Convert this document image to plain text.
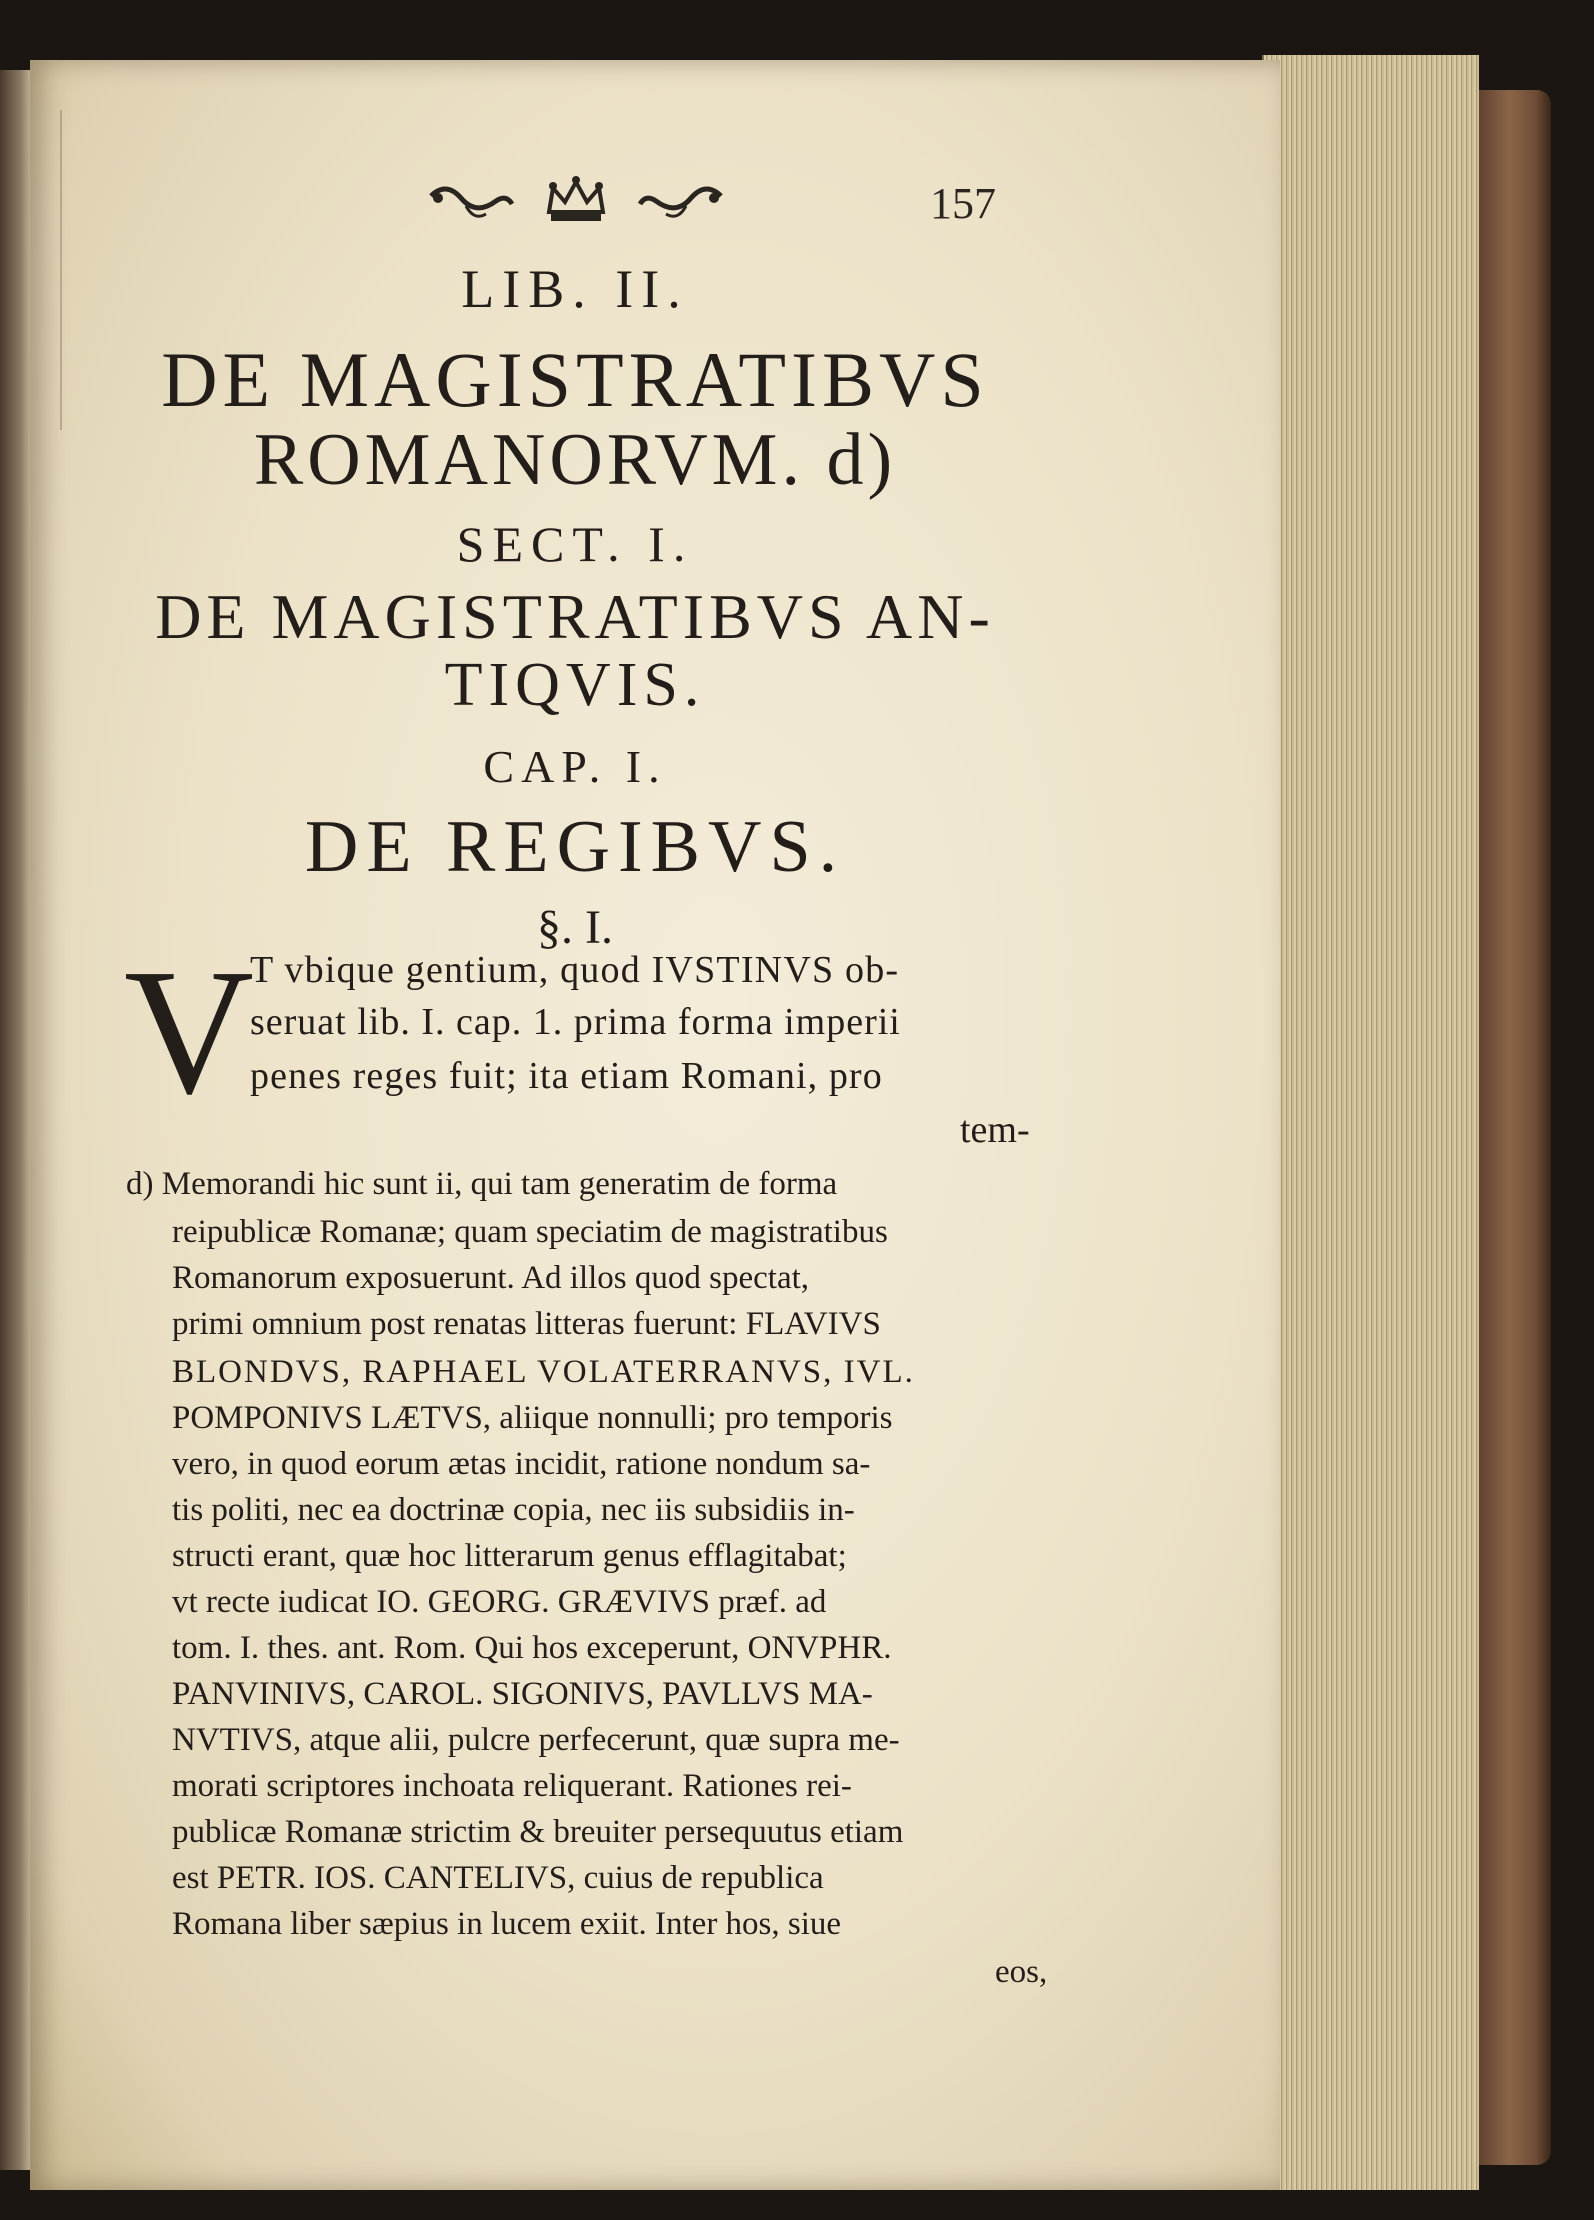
157
LIB. II.
DE MAGISTRATIBVS
ROMANORVM. d)
SECT. I.
DE MAGISTRATIBVS AN-
TIQVIS.
CAP. I.
DE REGIBVS.
§. I.
V
T vbique gentium, quod IVSTINVS ob-
seruat lib. I. cap. 1. prima forma imperii
penes reges fuit; ita etiam Romani, pro
tem-
d) Memorandi hic sunt ii, qui tam generatim de forma
reipublicæ Romanæ; quam speciatim de magistratibus
Romanorum exposuerunt. Ad illos quod spectat,
primi omnium post renatas litteras fuerunt: FLAVIVS
BLONDVS, RAPHAEL VOLATERRANVS, IVL.
POMPONIVS LÆTVS, aliique nonnulli; pro temporis
vero, in quod eorum ætas incidit, ratione nondum sa-
tis politi, nec ea doctrinæ copia, nec iis subsidiis in-
structi erant, quæ hoc litterarum genus efflagitabat;
vt recte iudicat IO. GEORG. GRÆVIVS præf. ad
tom. I. thes. ant. Rom. Qui hos exceperunt, ONVPHR.
PANVINIVS, CAROL. SIGONIVS, PAVLLVS MA-
NVTIVS, atque alii, pulcre perfecerunt, quæ supra me-
morati scriptores inchoata reliquerant. Rationes rei-
publicæ Romanæ strictim & breuiter persequutus etiam
est PETR. IOS. CANTELIVS, cuius de republica
Romana liber sæpius in lucem exiit. Inter hos, siue
eos,
